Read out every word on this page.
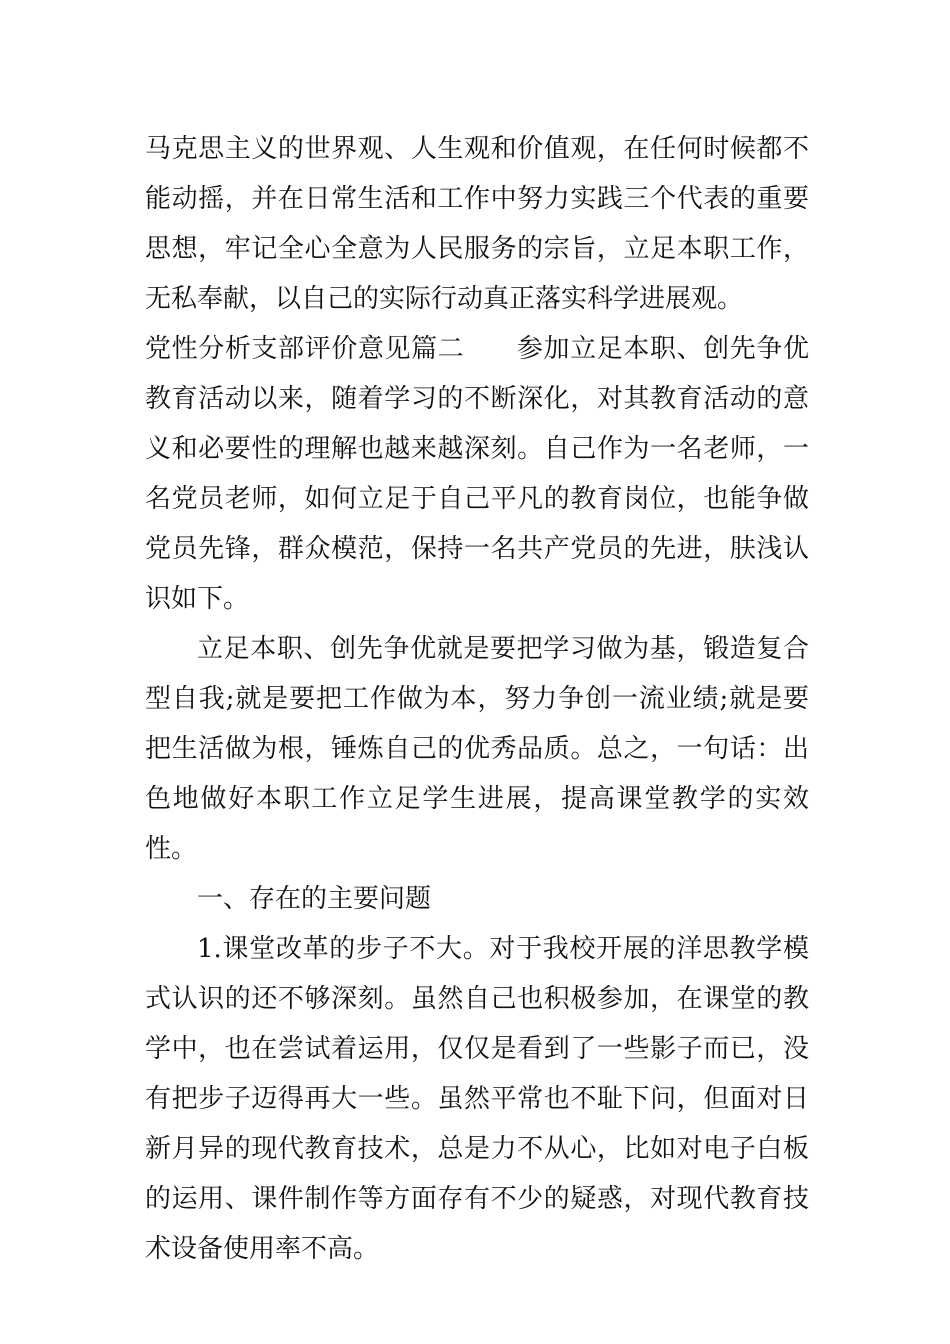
马克思主义的世界观、人生观和价值观，在任何时候都不能动摇，并在日常生活和工作中努力实践三个代表的重要思想，牢记全心全意为人民服务的宗旨，立足本职工作，无私奉献，以自己的实际行动真正落实科学进展观。

党性分析支部评价意见篇二 参加立足本职、创先争优教育活动以来，随着学习的不断深化，对其教育活动的意义和必要性的理解也越来越深刻。自己作为一名老师，一名党员老师，如何立足于自己平凡的教育岗位，也能争做党员先锋，群众模范，保持一名共产党员的先进，肤浅认识如下。

立足本职、创先争优就是要把学习做为基，锻造复合型自我;就是要把工作做为本，努力争创一流业绩;就是要把生活做为根，锤炼自己的优秀品质。总之，一句话：出色地做好本职工作立足学生进展，提高课堂教学的实效性。

一、存在的主要问题

1.课堂改革的步子不大。对于我校开展的洋思教学模式认识的还不够深刻。虽然自己也积极参加，在课堂的教学中，也在尝试着运用，仅仅是看到了一些影子而已，没有把步子迈得再大一些。虽然平常也不耻下问，但面对日新月异的现代教育技术，总是力不从心，比如对电子白板的运用、课件制作等方面存有不少的疑惑，对现代教育技术设备使用率不高。
